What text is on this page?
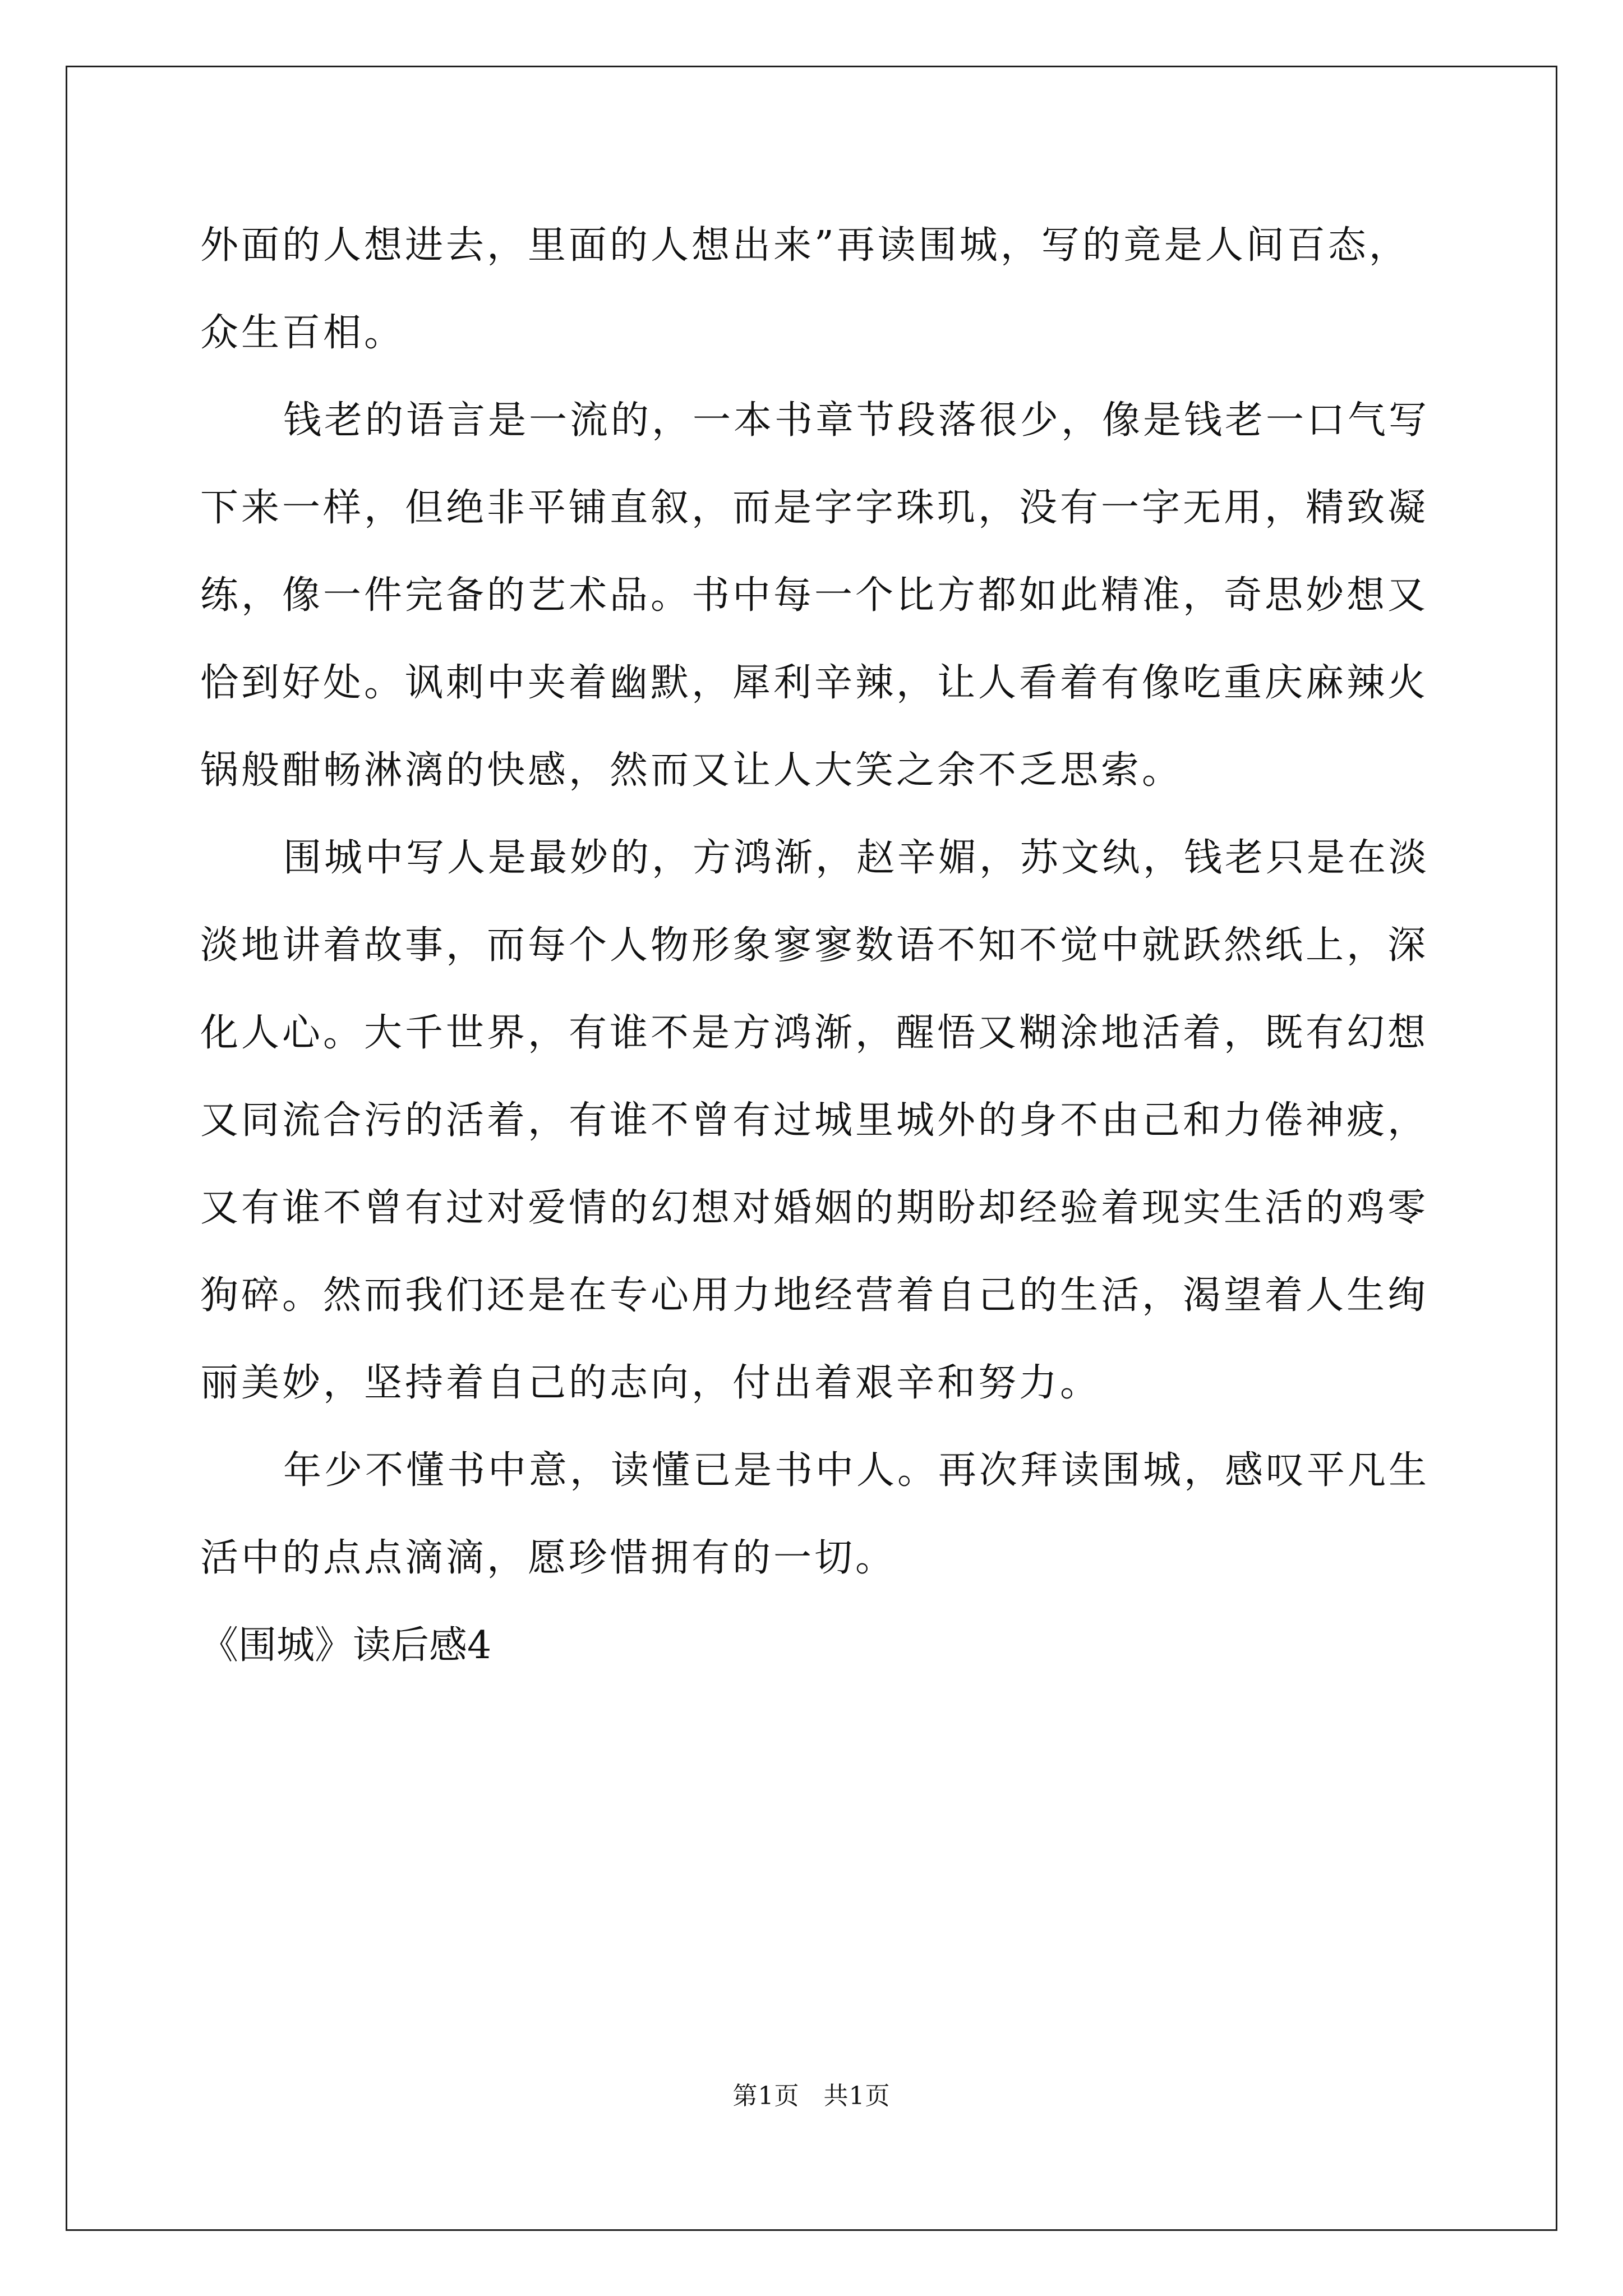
外面的人想进去，里面的人想出来”再读围城，写的竟是人间百态，
众生百相。
钱老的语言是一流的，一本书章节段落很少，像是钱老一口气写
下来一样，但绝非平铺直叙，而是字字珠玑，没有一字无用，精致凝
练，像一件完备的艺术品。书中每一个比方都如此精准，奇思妙想又
恰到好处。讽刺中夹着幽默，犀利辛辣，让人看着有像吃重庆麻辣火
锅般酣畅淋漓的快感，然而又让人大笑之余不乏思索。
围城中写人是最妙的，方鸿渐，赵辛媚，苏文纨，钱老只是在淡
淡地讲着故事，而每个人物形象寥寥数语不知不觉中就跃然纸上，深
化人心。大千世界，有谁不是方鸿渐，醒悟又糊涂地活着，既有幻想
又同流合污的活着，有谁不曾有过城里城外的身不由己和力倦神疲，
又有谁不曾有过对爱情的幻想对婚姻的期盼却经验着现实生活的鸡零
狗碎。然而我们还是在专心用力地经营着自己的生活，渴望着人生绚
丽美妙，坚持着自己的志向，付出着艰辛和努力。
年少不懂书中意，读懂已是书中人。再次拜读围城，感叹平凡生
活中的点点滴滴，愿珍惜拥有的一切。
《围城》读后感4
第1页 共1页
